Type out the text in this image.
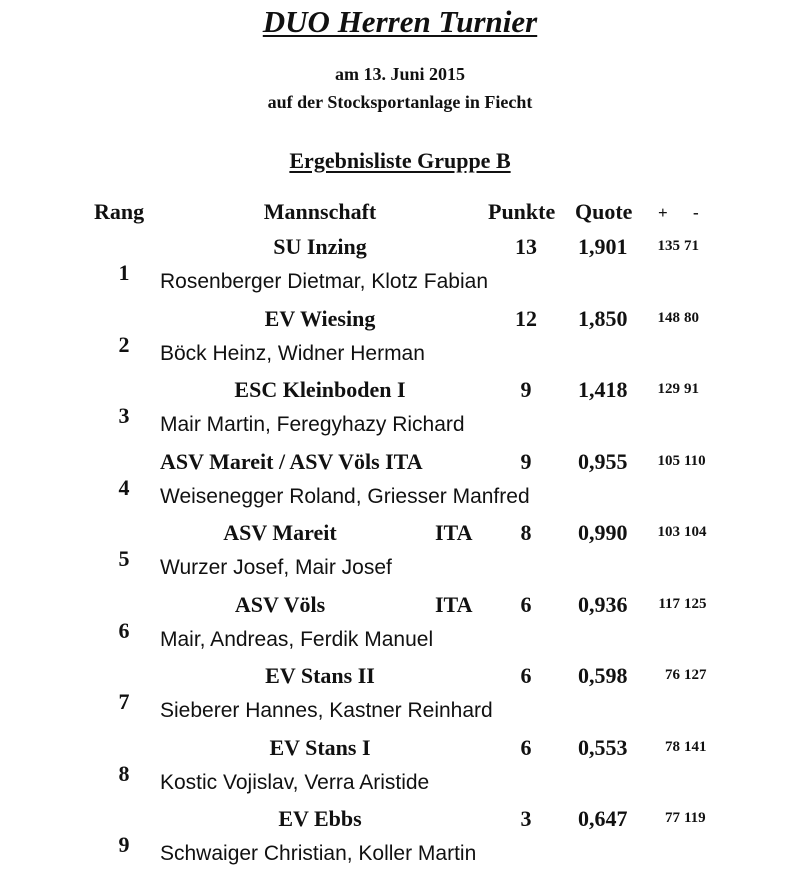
DUO Herren Turnier
am 13. Juni 2015
auf der Stocksportanlage in Fiecht
Ergebnisliste Gruppe B
Rang	Mannschaft	Punkte Quote + -
1
SU Inzing	13	1,901	135 71
Rosenberger Dietmar, Klotz Fabian
2
EV Wiesing	12	1,850	148 80
Böck Heinz, Widner Herman
3
ESC Kleinboden I	9	1,418	129 91
Mair Martin, Feregyhazy Richard
4
ASV Mareit / ASV Völs ITA	9	0,955	105 110
Weisenegger Roland, Griesser Manfred
5
ASV Mareit	ITA	8	0,990	103 104
Wurzer Josef, Mair Josef
6
ASV Völs	ITA	6	0,936	117 125
Mair, Andreas, Ferdik Manuel
7
EV Stans II	6	0,598	76 127
Sieberer Hannes, Kastner Reinhard
8
EV Stans I	6	0,553	78 141
Kostic Vojislav, Verra Aristide
9
EV Ebbs	3	0,647	77 119
Schwaiger Christian, Koller Martin
